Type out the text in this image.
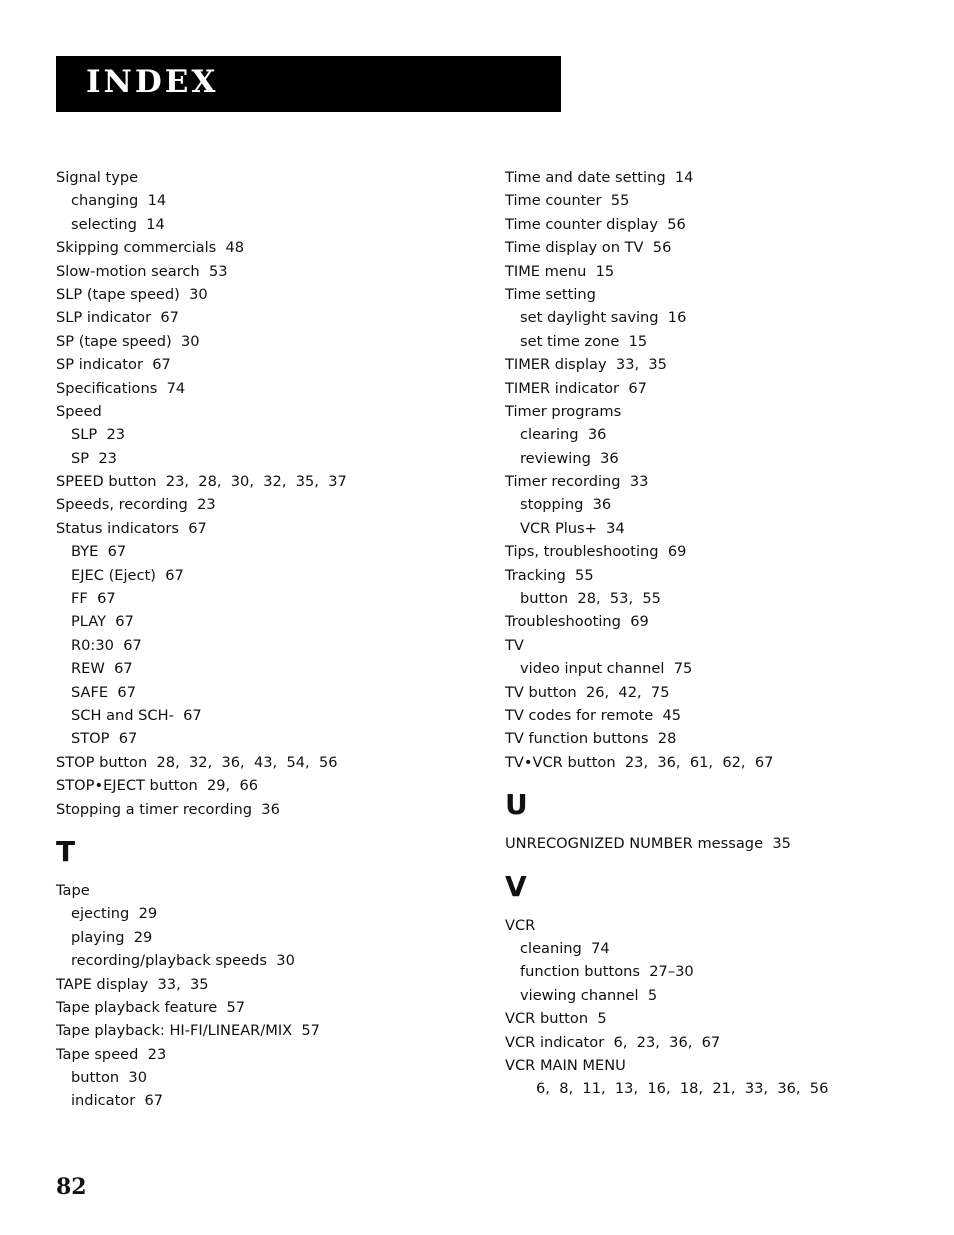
INDEX
Signal type
changing  14
selecting  14
Skipping commercials  48
Slow-motion search  53
SLP (tape speed)  30
SLP indicator  67
SP (tape speed)  30
SP indicator  67
Specifications  74
Speed
SLP  23
SP  23
SPEED button  23,  28,  30,  32,  35,  37
Speeds, recording  23
Status indicators  67
BYE  67
EJEC (Eject)  67
FF  67
PLAY  67
R0:30  67
REW  67
SAFE  67
SCH and SCH-  67
STOP  67
STOP button  28,  32,  36,  43,  54,  56
STOP•EJECT button  29,  66
Stopping a timer recording  36
T
Tape
ejecting  29
playing  29
recording/playback speeds  30
TAPE display  33,  35
Tape playback feature  57
Tape playback: HI-FI/LINEAR/MIX  57
Tape speed  23
button  30
indicator  67
Time and date setting  14
Time counter  55
Time counter display  56
Time display on TV  56
TIME menu  15
Time setting
set daylight saving  16
set time zone  15
TIMER display  33,  35
TIMER indicator  67
Timer programs
clearing  36
reviewing  36
Timer recording  33
stopping  36
VCR Plus+  34
Tips, troubleshooting  69
Tracking  55
button  28,  53,  55
Troubleshooting  69
TV
video input channel  75
TV button  26,  42,  75
TV codes for remote  45
TV function buttons  28
TV•VCR button  23,  36,  61,  62,  67
U
UNRECOGNIZED NUMBER message  35
V
VCR
cleaning  74
function buttons  27–30
viewing channel  5
VCR button  5
VCR indicator  6,  23,  36,  67
VCR MAIN MENU
6,  8,  11,  13,  16,  18,  21,  33,  36,  56
82
